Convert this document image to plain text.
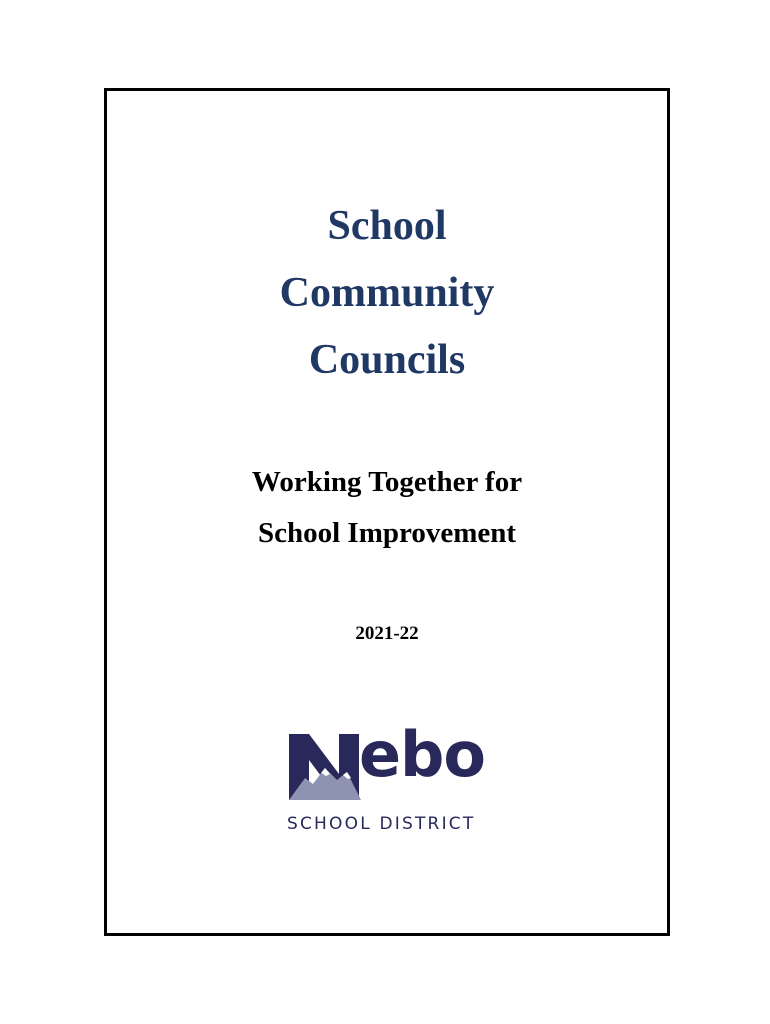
School
Community
Councils
Working Together for
School Improvement
2021-22
ebo
SCHOOL DISTRICT
